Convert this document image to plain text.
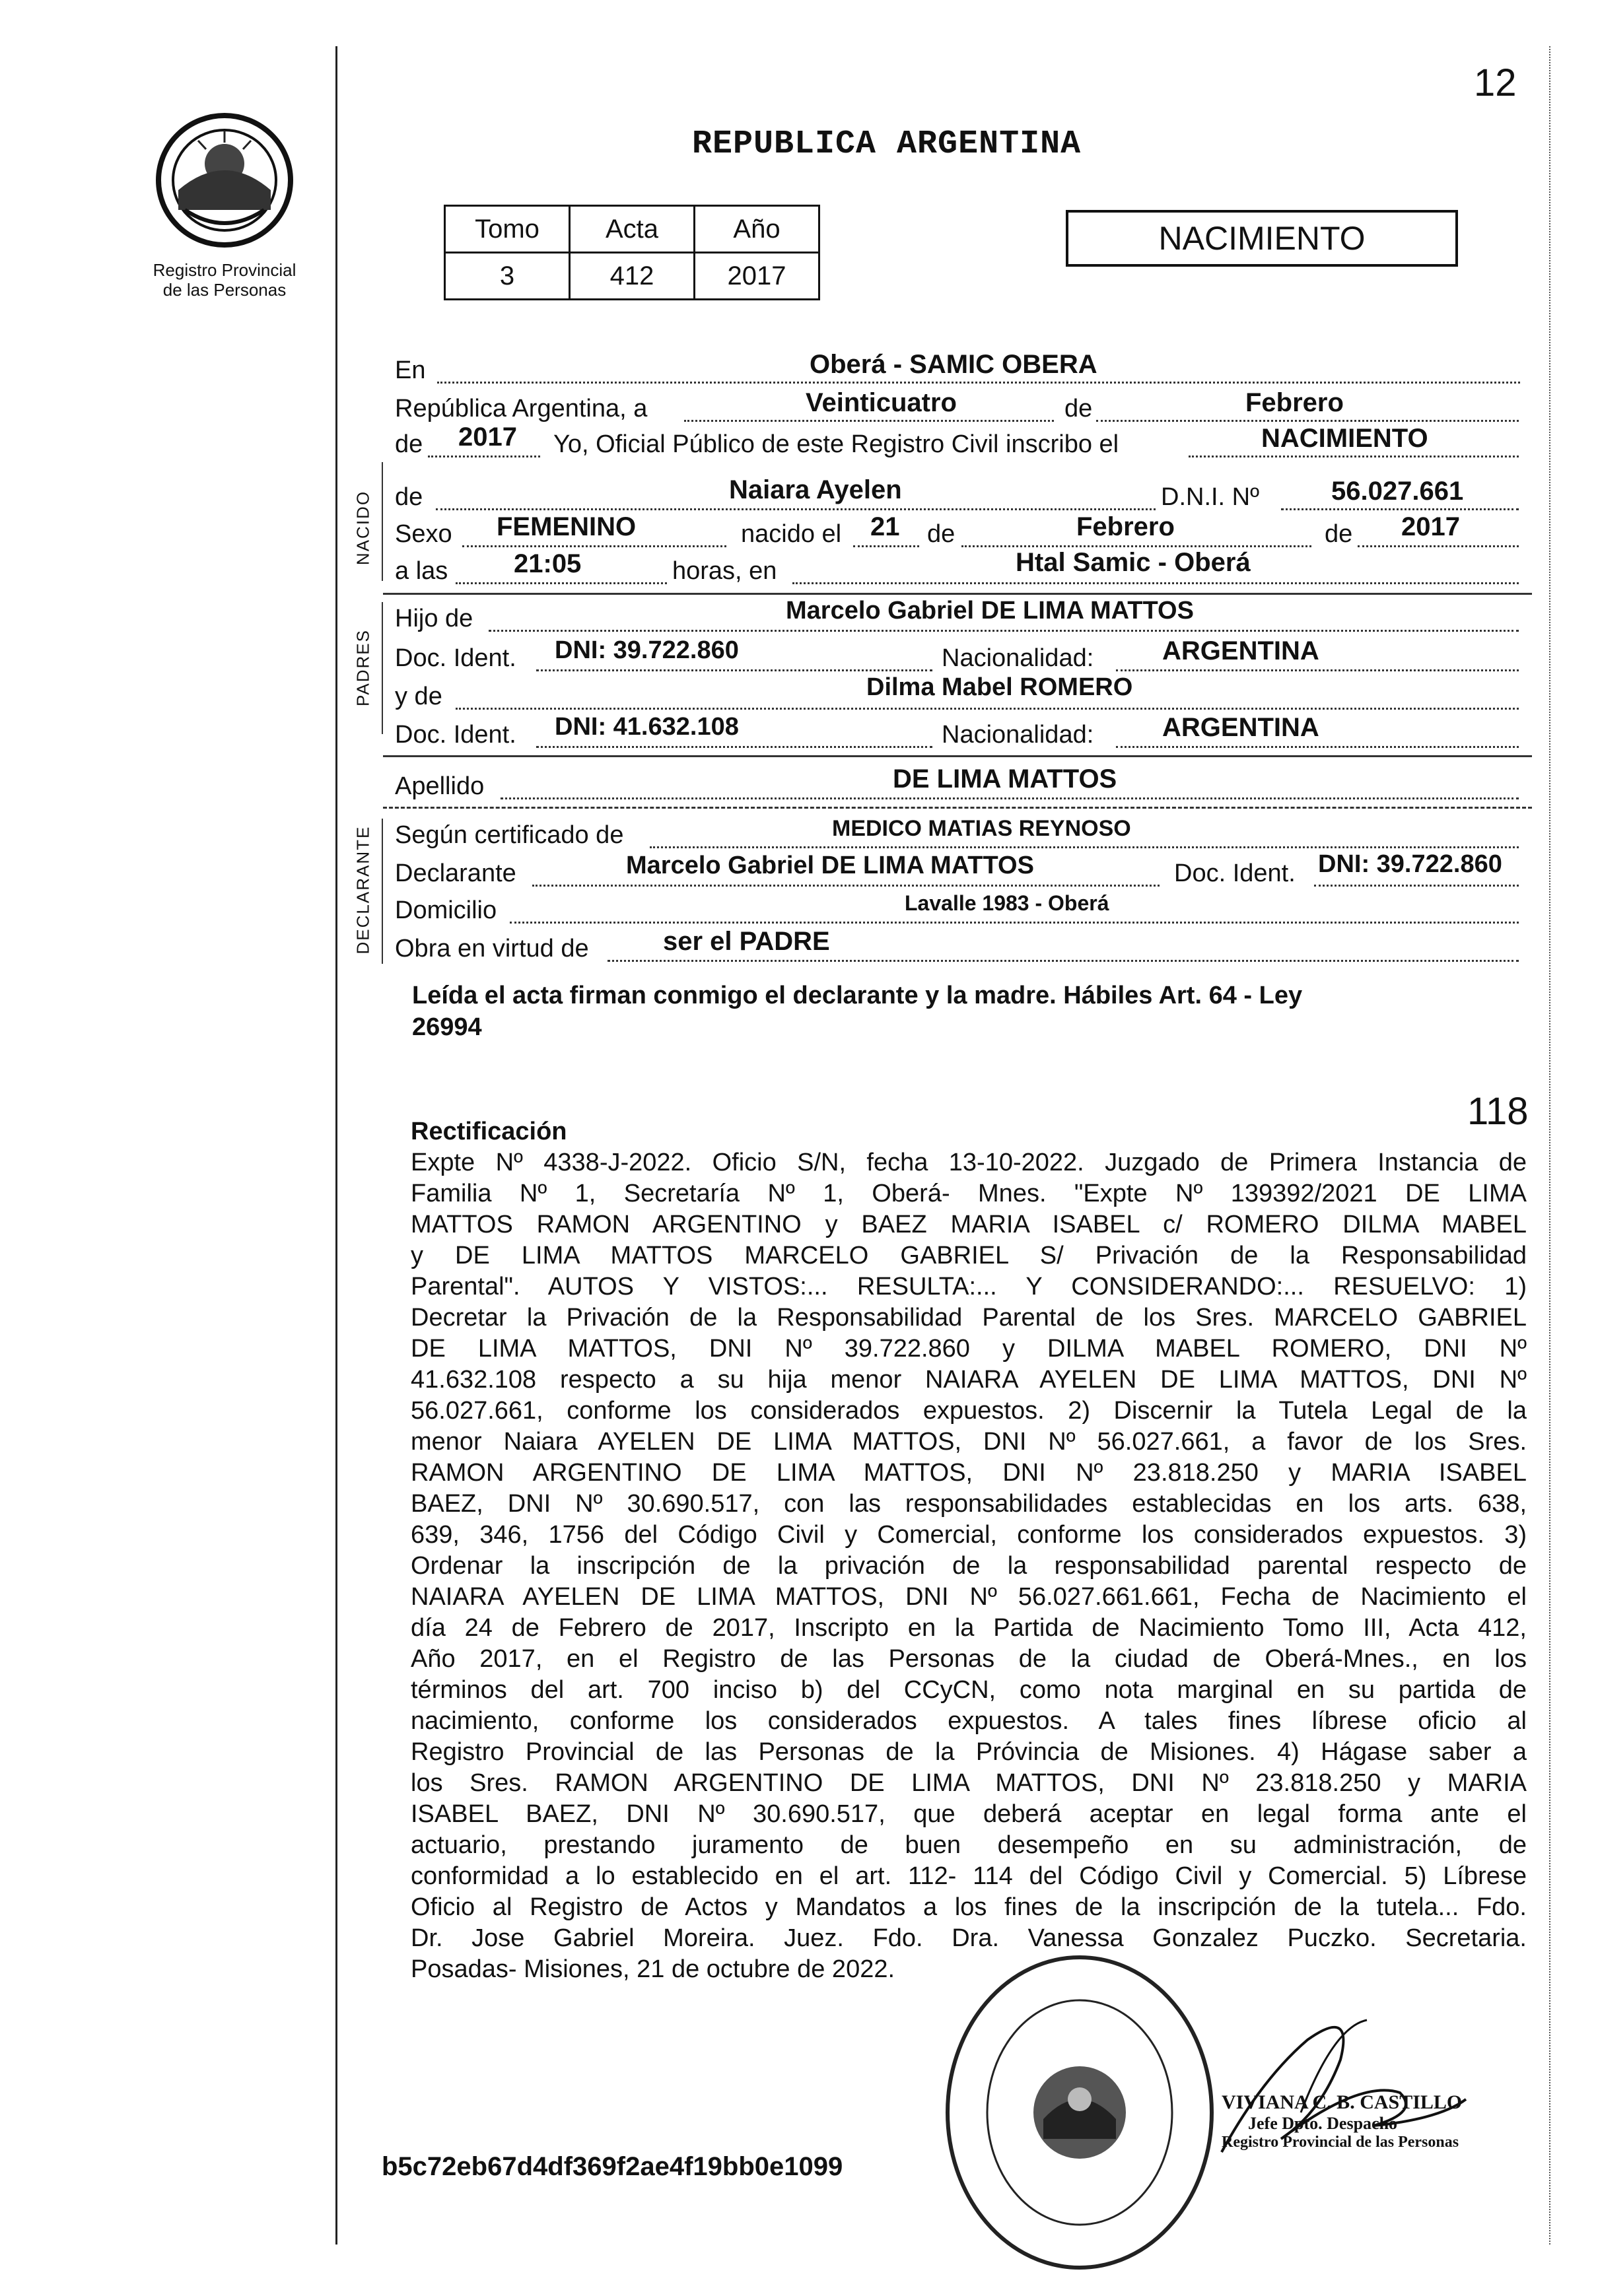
12
Registro Provincial
de las Personas
REPUBLICA ARGENTINA
Tomo	Acta	Año
3	412	2017
NACIMIENTO
NACIDO
PADRES
DECLARANTE
En	Oberá - SAMIC OBERA
República Argentina, a	Veinticuatro	de	Febrero
de 2017 Yo, Oficial Público de este Registro Civil inscribo el	NACIMIENTO
de	Naiara Ayelen	D.N.I. Nº	56.027.661
Sexo FEMENINO	nacido el 21 de	Febrero	de 2017
a las 21:05	horas, en	Htal Samic - Oberá
Hijo de	Marcelo Gabriel DE LIMA MATTOS
Doc. Ident. DNI: 39.722.860	Nacionalidad:	ARGENTINA
y de	Dilma Mabel ROMERO
Doc. Ident. DNI: 41.632.108	Nacionalidad:	ARGENTINA
Apellido	DE LIMA MATTOS
Según certificado de	MEDICO MATIAS REYNOSO
Declarante	Marcelo Gabriel DE LIMA MATTOS	Doc. Ident. DNI: 39.722.860
Domicilio	Lavalle 1983 - Oberá
Obra en virtud de	ser el PADRE
Leída el acta firman conmigo el declarante y la madre. Hábiles Art. 64 - Ley
26994
118
Rectificación
Expte Nº 4338-J-2022. Oficio S/N, fecha 13-10-2022. Juzgado de Primera Instancia de
Familia Nº 1, Secretaría Nº 1, Oberá- Mnes. "Expte Nº 139392/2021 DE LIMA
MATTOS RAMON ARGENTINO y BAEZ MARIA ISABEL c/ ROMERO DILMA MABEL
y DE LIMA MATTOS MARCELO GABRIEL S/ Privación de la Responsabilidad
Parental". AUTOS Y VISTOS:... RESULTA:... Y CONSIDERANDO:... RESUELVO: 1)
Decretar la Privación de la Responsabilidad Parental de los Sres. MARCELO GABRIEL
DE LIMA MATTOS, DNI Nº 39.722.860 y DILMA MABEL ROMERO, DNI Nº
41.632.108 respecto a su hija menor NAIARA AYELEN DE LIMA MATTOS, DNI Nº
56.027.661, conforme los considerados expuestos. 2) Discernir la Tutela Legal de la
menor Naiara AYELEN DE LIMA MATTOS, DNI Nº 56.027.661, a favor de los Sres.
RAMON ARGENTINO DE LIMA MATTOS, DNI Nº 23.818.250 y MARIA ISABEL
BAEZ, DNI Nº 30.690.517, con las responsabilidades establecidas en los arts. 638,
639, 346, 1756 del Código Civil y Comercial, conforme los considerados expuestos. 3)
Ordenar la inscripción de la privación de la responsabilidad parental respecto de
NAIARA AYELEN DE LIMA MATTOS, DNI Nº 56.027.661.661, Fecha de Nacimiento el
día 24 de Febrero de 2017, Inscripto en la Partida de Nacimiento Tomo III, Acta 412,
Año 2017, en el Registro de las Personas de la ciudad de Oberá-Mnes., en los
términos del art. 700 inciso b) del CCyCN, como nota marginal en su partida de
nacimiento, conforme los considerados expuestos. A tales fines líbrese oficio al
Registro Provincial de las Personas de la Próvincia de Misiones. 4) Hágase saber a
los Sres. RAMON ARGENTINO DE LIMA MATTOS, DNI Nº 23.818.250 y MARIA
ISABEL BAEZ, DNI Nº 30.690.517, que deberá aceptar en legal forma ante el
actuario, prestando juramento de buen desempeño en su administración, de
conformidad a lo establecido en el art. 112- 114 del Código Civil y Comercial. 5) Líbrese
Oficio al Registro de Actos y Mandatos a los fines de la inscripción de la tutela... Fdo.
Dr. Jose Gabriel Moreira. Juez. Fdo. Dra. Vanessa Gonzalez Puczko. Secretaria.
Posadas- Misiones, 21 de octubre de 2022.
VIVIANA C. B. CASTILLO
Jefe Dpto. Despacho
Registro Provincial de las Personas
b5c72eb67d4df369f2ae4f19bb0e1099
